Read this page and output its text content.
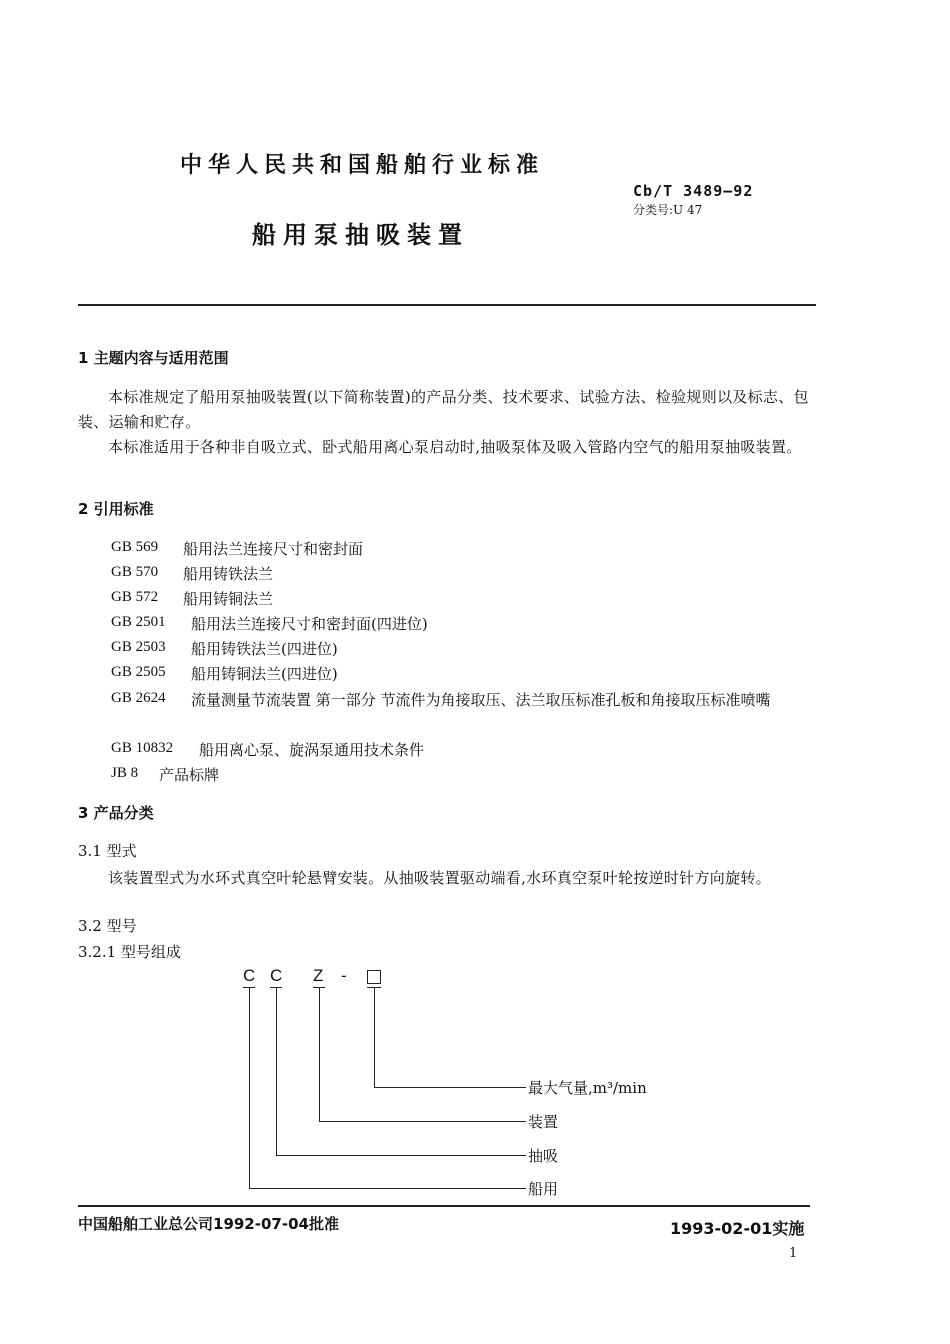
中华人民共和国船舶行业标准
船用泵抽吸装置
Cb/T 3489—92
分类号:U 47
1 主题内容与适用范围
本标准规定了船用泵抽吸装置(以下简称装置)的产品分类、技术要求、试验方法、检验规则以及标志、包装、运输和贮存。
本标准适用于各种非自吸立式、卧式船用离心泵启动时,抽吸泵体及吸入管路内空气的船用泵抽吸装置。
2 引用标准
GB 569 船用法兰连接尺寸和密封面
GB 570 船用铸铁法兰
GB 572 船用铸铜法兰
GB 2501 船用法兰连接尺寸和密封面(四进位)
GB 2503 船用铸铁法兰(四进位)
GB 2505 船用铸铜法兰(四进位)
GB 2624 流量测量节流装置 第一部分 节流件为角接取压、法兰取压标准孔板和角接取压标准喷嘴
GB 10832 船用离心泵、旋涡泵通用技术条件
JB 8 产品标牌
3 产品分类
3.1 型式
该装置型式为水环式真空叶轮悬臂安装。从抽吸装置驱动端看,水环真空泵叶轮按逆时针方向旋转。
3.2 型号
3.2.1 型号组成
C C Z -
最大气量,m³/min
装置
抽吸
船用
中国船舶工业总公司1992-07-04批准	1993-02-01实施
1
